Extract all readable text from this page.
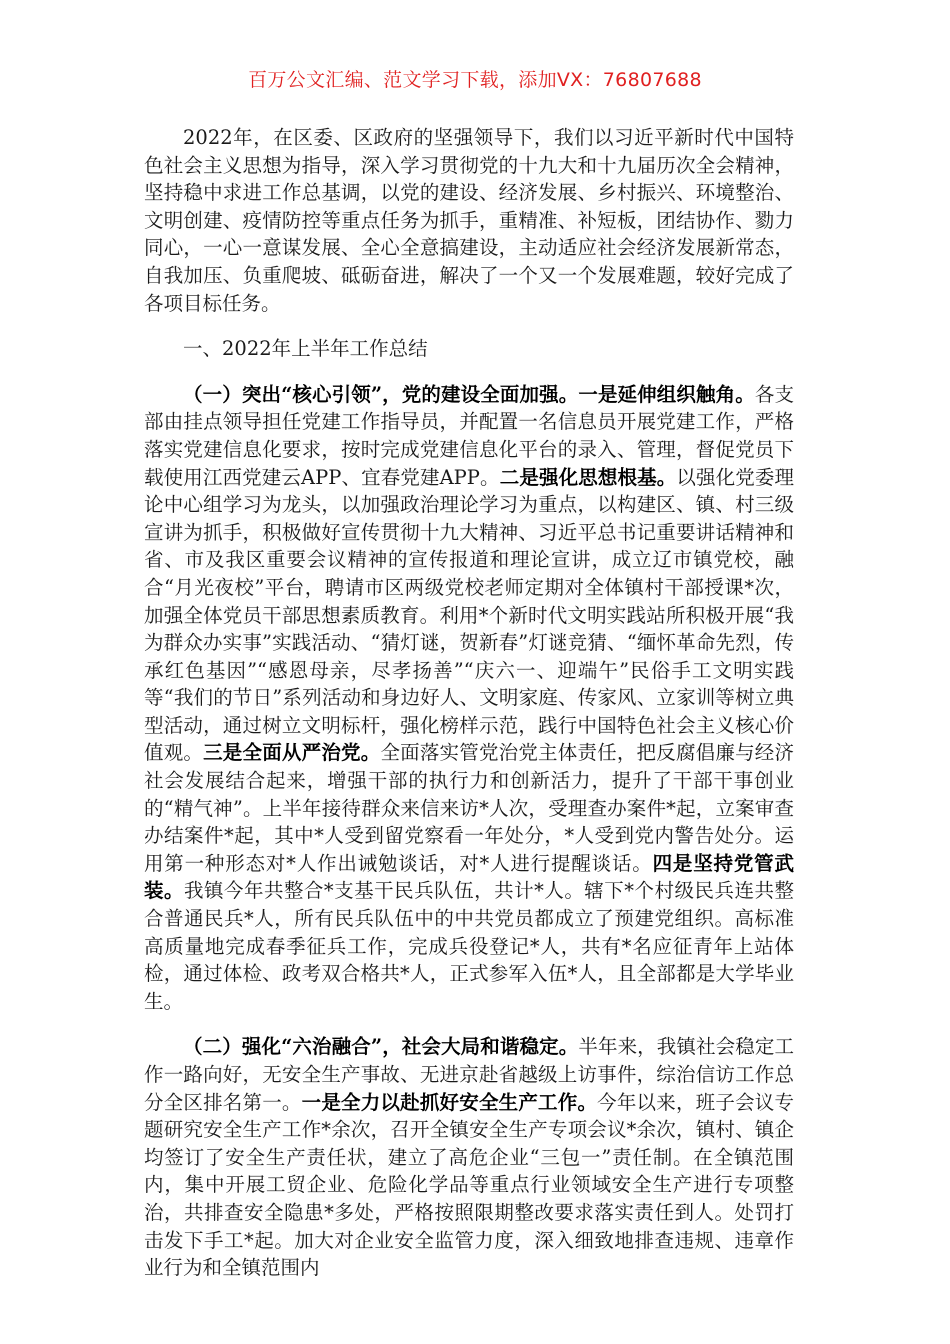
百万公文汇编、范文学习下载，添加VX：76807688

2022年，在区委、区政府的坚强领导下，我们以习近平新时代中国特色社会主义思想为指导，深入学习贯彻党的十九大和十九届历次全会精神，坚持稳中求进工作总基调，以党的建设、经济发展、乡村振兴、环境整治、文明创建、疫情防控等重点任务为抓手，重精准、补短板，团结协作、勠力同心，一心一意谋发展、全心全意搞建设，主动适应社会经济发展新常态，自我加压、负重爬坡、砥砺奋进，解决了一个又一个发展难题，较好完成了各项目标任务。

一、2022年上半年工作总结

（一）突出“核心引领”，党的建设全面加强。一是延伸组织触角。各支部由挂点领导担任党建工作指导员，并配置一名信息员开展党建工作，严格落实党建信息化要求，按时完成党建信息化平台的录入、管理，督促党员下载使用江西党建云APP、宜春党建APP。二是强化思想根基。以强化党委理论中心组学习为龙头，以加强政治理论学习为重点，以构建区、镇、村三级宣讲为抓手，积极做好宣传贯彻十九大精神、习近平总书记重要讲话精神和省、市及我区重要会议精神的宣传报道和理论宣讲，成立辽市镇党校，融合“月光夜校”平台，聘请市区两级党校老师定期对全体镇村干部授课*次，加强全体党员干部思想素质教育。利用*个新时代文明实践站所积极开展“我为群众办实事”实践活动、“猜灯谜，贺新春”灯谜竞猜、“缅怀革命先烈，传承红色基因”“感恩母亲，尽孝扬善”“庆六一、迎端午”民俗手工文明实践等“我们的节日”系列活动和身边好人、文明家庭、传家风、立家训等树立典型活动，通过树立文明标杆，强化榜样示范，践行中国特色社会主义核心价值观。三是全面从严治党。全面落实管党治党主体责任，把反腐倡廉与经济社会发展结合起来，增强干部的执行力和创新活力，提升了干部干事创业的“精气神”。上半年接待群众来信来访*人次，受理查办案件*起，立案审查办结案件*起，其中*人受到留党察看一年处分，*人受到党内警告处分。运用第一种形态对*人作出诫勉谈话，对*人进行提醒谈话。四是坚持党管武装。我镇今年共整合*支基干民兵队伍，共计*人。辖下*个村级民兵连共整合普通民兵*人，所有民兵队伍中的中共党员都成立了预建党组织。高标准高质量地完成春季征兵工作，完成兵役登记*人，共有*名应征青年上站体检，通过体检、政考双合格共*人，正式参军入伍*人，且全部都是大学毕业生。

（二）强化“六治融合”，社会大局和谐稳定。半年来，我镇社会稳定工作一路向好，无安全生产事故、无进京赴省越级上访事件，综治信访工作总分全区排名第一。一是全力以赴抓好安全生产工作。今年以来，班子会议专题研究安全生产工作*余次，召开全镇安全生产专项会议*余次，镇村、镇企均签订了安全生产责任状，建立了高危企业“三包一”责任制。在全镇范围内，集中开展工贸企业、危险化学品等重点行业领域安全生产进行专项整治，共排查安全隐患*多处，严格按照限期整改要求落实责任到人。处罚打击发下手工*起。加大对企业安全监管力度，深入细致地排查违规、违章作业行为和全镇范围内
